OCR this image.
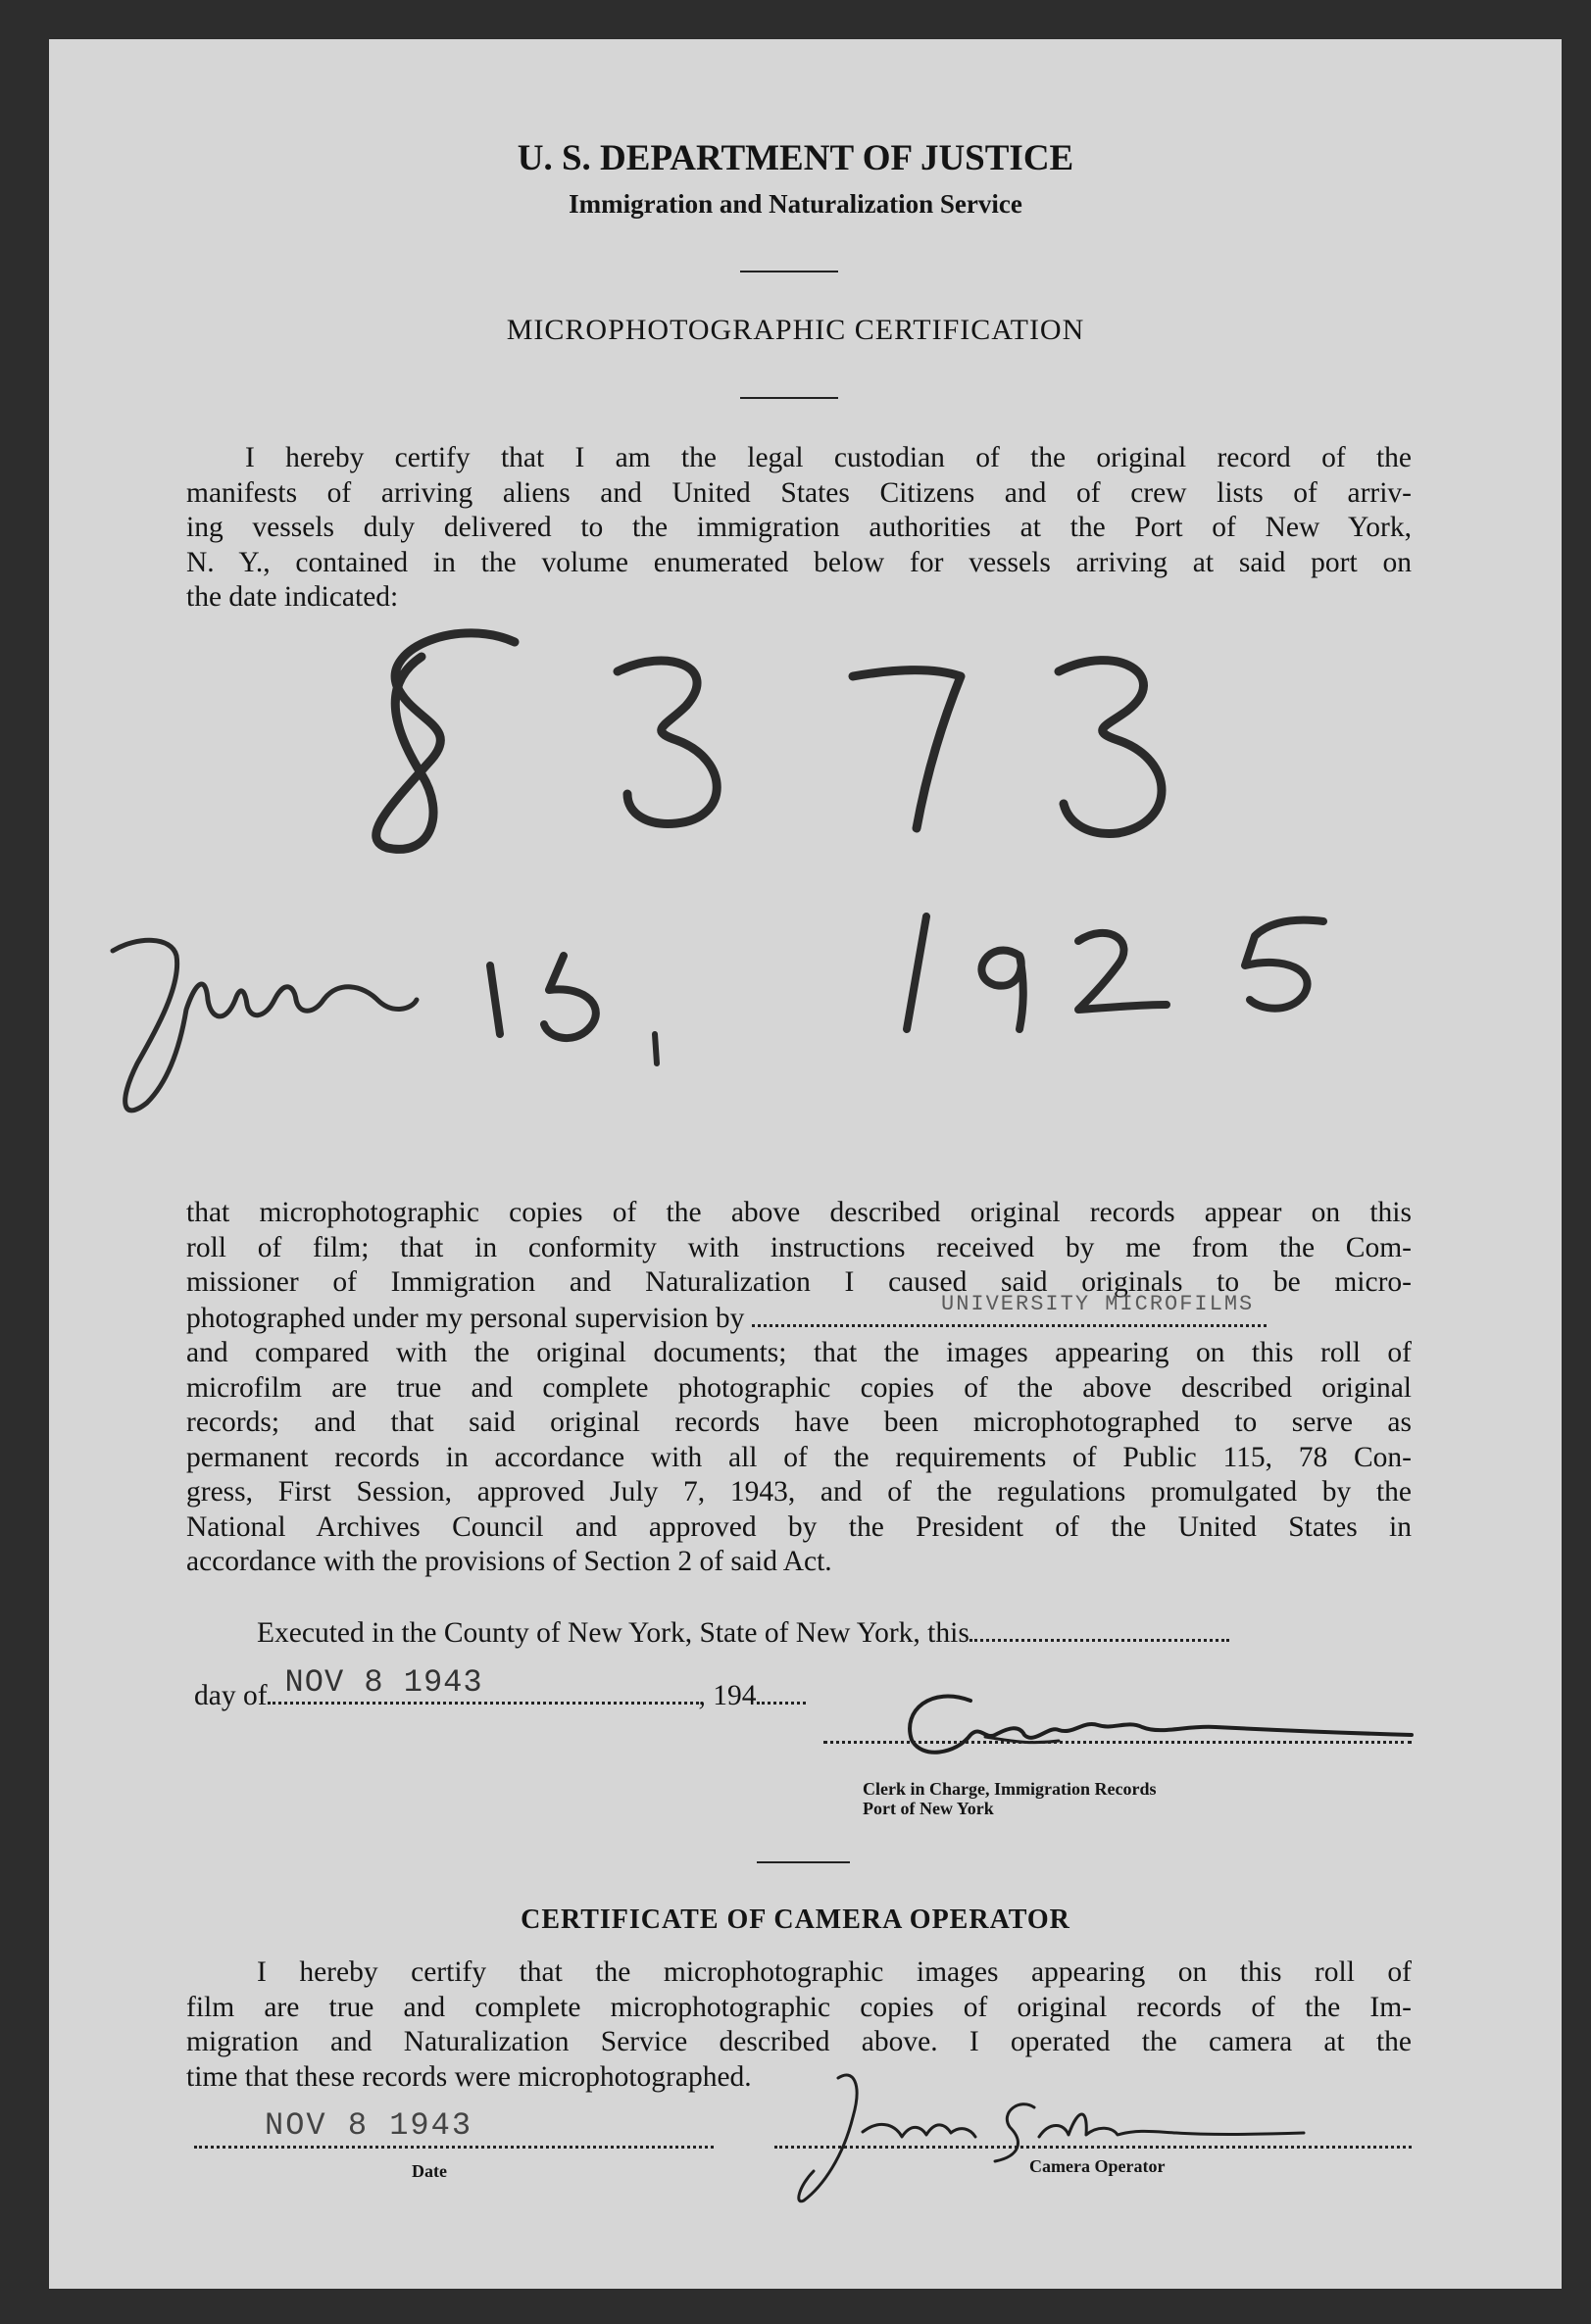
U. S. DEPARTMENT OF JUSTICE
Immigration and Naturalization Service
MICROPHOTOGRAPHIC CERTIFICATION
I hereby certify that I am the legal custodian of the original record of the
manifests of arriving aliens and United States Citizens and of crew lists of arriv-
ing vessels duly delivered to the immigration authorities at the Port of New York,
N. Y., contained in the volume enumerated below for vessels arriving at said port on
the date indicated:
that microphotographic copies of the above described original records appear on this
roll of film; that in conformity with instructions received by me from the Com-
missioner of Immigration and Naturalization I caused said originals to be micro-
photographed under my personal supervision by	UNIVERSITY MICROFILMS
and compared with the original documents; that the images appearing on this roll of
microfilm are true and complete photographic copies of the above described original
records; and that said original records have been microphotographed to serve as
permanent records in accordance with all of the requirements of Public 115, 78 Con-
gress, First Session, approved July 7, 1943, and of the regulations promulgated by the
National Archives Council and approved by the President of the United States in
accordance with the provisions of Section 2 of said Act.
Executed in the County of New York, State of New York, this
day of NOV 8 1943	, 194
Clerk in Charge, Immigration Records
Port of New York
CERTIFICATE OF CAMERA OPERATOR
I hereby certify that the microphotographic images appearing on this roll of
film are true and complete microphotographic copies of original records of the Im-
migration and Naturalization Service described above. I operated the camera at the
time that these records were microphotographed.
NOV 8 1943
Date	Camera Operator
